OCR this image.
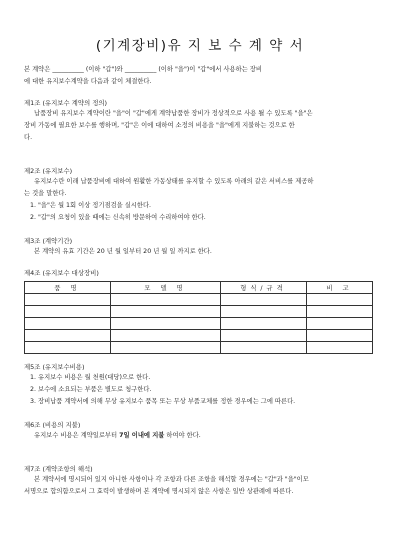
(기계장비)유 지 보 수 계 약 서
본 계약은 __________ (이하 "갑")와 __________ (이하 "을")이 "갑"에서 사용하는 장비
에 대한 유지보수계약을 다음과 같이 체결한다.
제1조 (유지보수 계약의 정의)
납품장비 유지보수 계약이란 "을"이 "갑"에게 계약납품한 장비가 정상적으로 사용 될 수 있도록 "을"은
장비 가동에 필요한 보수를 행하며, "갑"은 이에 대하여 소정의 비용을 "을"에게 지불하는 것으로 한
다.
제2조 (유지보수)
유지보수란 이래 납품장비에 대하여 원활한 가동상태를 유지할 수 있도록 아래의 같은 서비스를 제공하
는 것을 말한다.
1. "을"은 월 1회 이상 정기점검을 실시한다.
2. "갑"의 요청이 있을 때에는 신속히 방문하여 수리하여야 한다.
제3조 (계약기간)
본 계약의 유효 기간은 20 년 월 일부터 20 년 월 일 까지로 한다.
제4조 (유지보수 대상장비)
품 명	모 델 명	형식/규격	비 고

제5조 (유지보수비용)
1. 유지보수 비용은 월 천원(대당)으로 한다.
2. 보수에 소요되는 부품은 별도로 청구한다.
3. 장비납품 계약서에 의해 무상 유지보수 품목 또는 무상 부품교체를 정한 경우에는 그에 따른다.
제6조 (비용의 지불)
유지보수 비용은 계약일로부터 7일 이내에 지불 하여야 한다.
제7조 (계약조항의 해석)
본 계약서에 명시되어 있지 아니한 사항이나 각 조항과 다른 조항을 해석할 경우에는 "갑"과 "을"이모
서명으로 합의함으로서 그 효력이 발생하며 본 계약에 명시되지 않은 사항은 일반 상관례에 따른다.
